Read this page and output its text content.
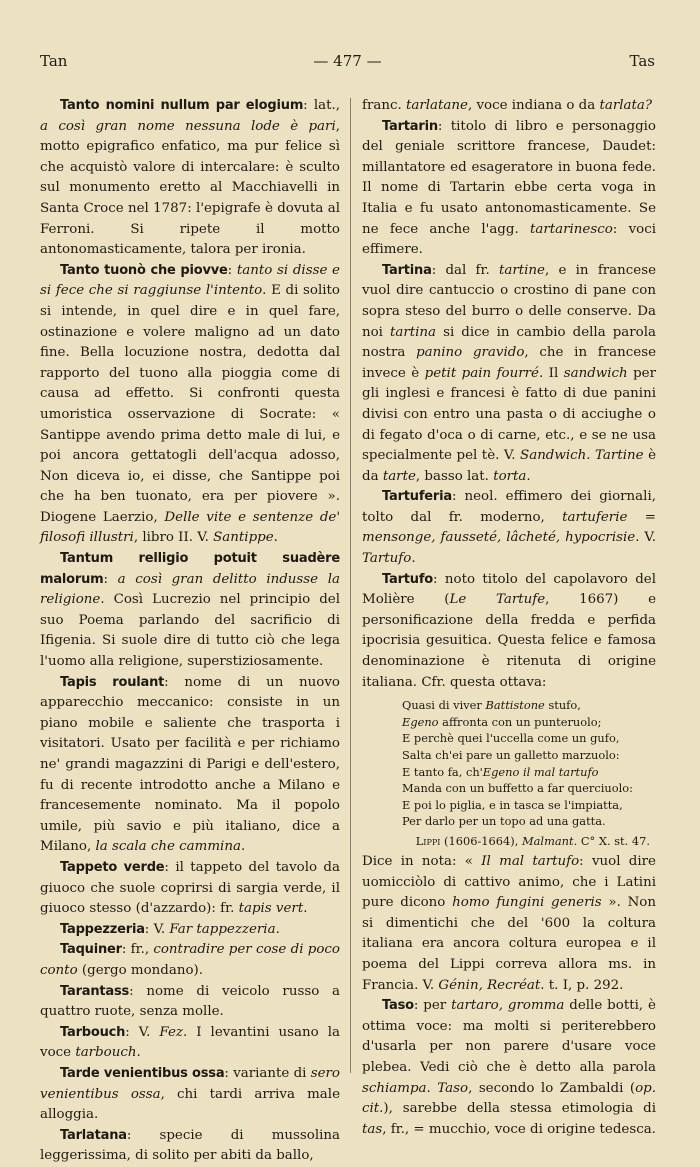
Tan	— 477 —	Tas

Tanto nomini nullum par elogium: lat., a così gran nome nessuna lode è pari, motto epigrafico enfatico, ma pur felice sì che acquistò valore di intercalare: è sculto sul monumento eretto al Macchiavelli in Santa Croce nel 1787: l'epigrafe è dovuta al Ferroni. Si ripete il motto antonomasticamente, talora per ironia.

Tanto tuonò che piovve: tanto si disse e si fece che si raggiunse l'intento. E di solito si intende, in quel dire e in quel fare, ostinazione e volere maligno ad un dato fine. Bella locuzione nostra, dedotta dal rapporto del tuono alla pioggia come di causa ad effetto. Si confronti questa umoristica osservazione di Socrate: « Santippe avendo prima detto male di lui, e poi ancora gettatogli dell'acqua adosso, Non diceva io, ei disse, che Santippe poi che ha ben tuonato, era per piovere ». Diogene Laerzio, Delle vite e sentenze de' filosofi illustri, libro II. V. Santippe.

Tantum relligio potuit suadère malorum: a così gran delitto indusse la religione. Così Lucrezio nel principio del suo Poema parlando del sacrificio di Ifigenia. Si suole dire di tutto ciò che lega l'uomo alla religione, superstiziosamente.

Tapis roulant: nome di un nuovo apparecchio meccanico: consiste in un piano mobile e saliente che trasporta i visitatori. Usato per facilità e per richiamo ne' grandi magazzini di Parigi e dell'estero, fu di recente introdotto anche a Milano e francesemente nominato. Ma il popolo umile, più savio e più italiano, dice a Milano, la scala che cammina.

Tappeto verde: il tappeto del tavolo da giuoco che suole coprirsi di sargia verde, il giuoco stesso (d'azzardo): fr. tapis vert.

Tappezzeria: V. Far tappezzeria.

Taquiner: fr., contradire per cose di poco conto (gergo mondano).

Tarantass: nome di veicolo russo a quattro ruote, senza molle.

Tarbouch: V. Fez. I levantini usano la voce tarbouch.

Tarde venientibus ossa: variante di sero venientibus ossa, chi tardi arriva male alloggia.

Tarlatana: specie di mussolina leggerissima, di solito per abiti da ballo,

franc. tarlatane, voce indiana o da tarlata?

Tartarin: titolo di libro e personaggio del geniale scrittore francese, Daudet: millantatore ed esageratore in buona fede. Il nome di Tartarin ebbe certa voga in Italia e fu usato antonomasticamente. Se ne fece anche l'agg. tartarinesco: voci effimere.

Tartina: dal fr. tartine, e in francese vuol dire cantuccio o crostino di pane con sopra steso del burro o delle conserve. Da noi tartina si dice in cambio della parola nostra panino gravido, che in francese invece è petit pain fourré. Il sandwich per gli inglesi e francesi è fatto di due panini divisi con entro una pasta o di acciughe o di fegato d'oca o di carne, etc., e se ne usa specialmente pel tè. V. Sandwich. Tartine è da tarte, basso lat. torta.

Tartuferia: neol. effimero dei giornali, tolto dal fr. moderno, tartuferie = mensonge, fausseté, lâcheté, hypocrisie. V. Tartufo.

Tartufo: noto titolo del capolavoro del Molière (Le Tartufe, 1667) e personificazione della fredda e perfida ipocrisia gesuitica. Questa felice e famosa denominazione è ritenuta di origine italiana. Cfr. questa ottava:

Quasi di viver Battistone stufo,
Egeno affronta con un punteruolo;
E perchè quei l'uccella come un gufo,
Salta ch'ei pare un galletto marzuolo:
E tanto fa, ch'Egeno il mal tartufo
Manda con un buffetto a far querciuolo:
E poi lo piglia, e in tasca se l'impiatta,
Per darlo per un topo ad una gatta.
Lippi (1606-1664), Malmant. C° X. st. 47.

Dice in nota: « Il mal tartufo: vuol dire uomicciòlo di cattivo animo, che i Latini pure dicono homo fungini generis ». Non si dimentichi che del '600 la coltura italiana era ancora coltura europea e il poema del Lippi correva allora ms. in Francia. V. Génin, Recréat. t. I, p. 292.

Taso: per tartaro, gromma delle botti, è ottima voce: ma molti si periterebbero d'usarla per non parere d'usare voce plebea. Vedi ciò che è detto alla parola schiampa. Taso, secondo lo Zambaldi (op. cit.), sarebbe della stessa etimologia di tas, fr., = mucchio, voce di origine tedesca.
